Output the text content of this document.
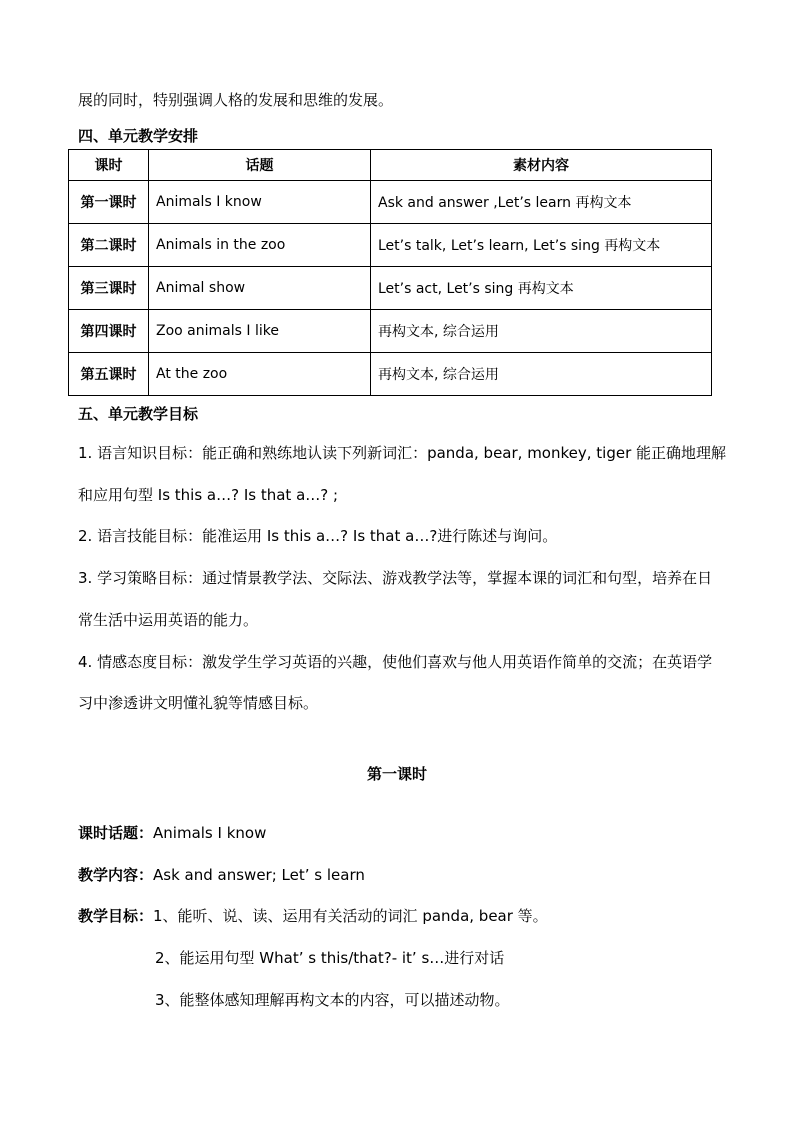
展的同时，特别强调人格的发展和思维的发展。
四、单元教学安排
课时	话题	素材内容
第一课时	Animals I know	Ask and answer ,Let’s learn 再构文本
第二课时	Animals in the zoo	Let’s talk, Let’s learn, Let’s sing 再构文本
第三课时	Animal show	Let’s act, Let’s sing 再构文本
第四课时	Zoo animals I like	再构文本, 综合运用
第五课时	At the zoo	再构文本, 综合运用
五、单元教学目标
1. 语言知识目标：能正确和熟练地认读下列新词汇：panda, bear, monkey, tiger 能正确地理解
和应用句型 Is this a…? Is that a…? ;
2. 语言技能目标：能准运用 Is this a…? Is that a…?进行陈述与询问。
3. 学习策略目标：通过情景教学法、交际法、游戏教学法等，掌握本课的词汇和句型，培养在日
常生活中运用英语的能力。
4. 情感态度目标：激发学生学习英语的兴趣，使他们喜欢与他人用英语作简单的交流；在英语学
习中渗透讲文明懂礼貌等情感目标。
第一课时
课时话题：Animals I know
教学内容：Ask and answer; Let’ s learn
教学目标：1、能听、说、读、运用有关活动的词汇 panda, bear 等。
2、能运用句型 What’ s this/that?- it’ s…进行对话
3、能整体感知理解再构文本的内容，可以描述动物。
